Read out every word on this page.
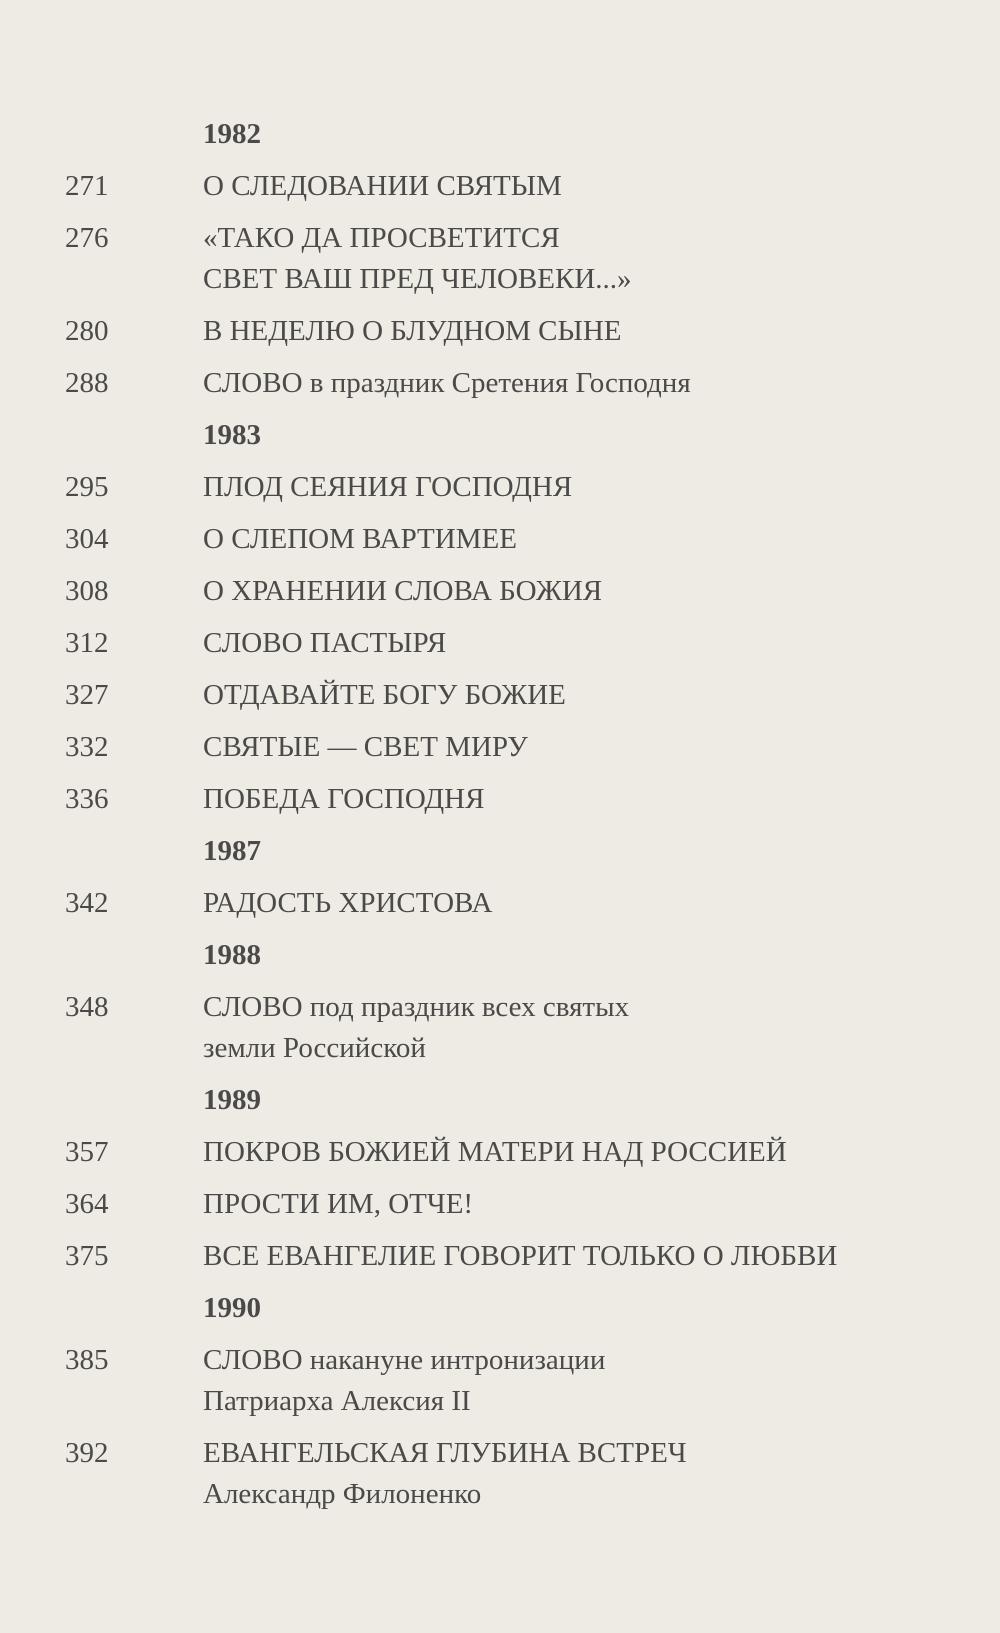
1982
271	О СЛЕДОВАНИИ СВЯТЫМ
276	«ТАКО ДА ПРОСВЕТИТСЯ
СВЕТ ВАШ ПРЕД ЧЕЛОВЕКИ...»
280	В НЕДЕЛЮ О БЛУДНОМ СЫНЕ
288	СЛОВО в праздник Сретения Господня
1983
295	ПЛОД СЕЯНИЯ ГОСПОДНЯ
304	О СЛЕПОМ ВАРТИМЕЕ
308	О ХРАНЕНИИ СЛОВА БОЖИЯ
312	СЛОВО ПАСТЫРЯ
327	ОТДАВАЙТЕ БОГУ БОЖИЕ
332	СВЯТЫЕ — СВЕТ МИРУ
336	ПОБЕДА ГОСПОДНЯ
1987
342	РАДОСТЬ ХРИСТОВА
1988
348	СЛОВО под праздник всех святых
земли Российской
1989
357	ПОКРОВ БОЖИЕЙ МАТЕРИ НАД РОССИЕЙ
364	ПРОСТИ ИМ, ОТЧЕ!
375	ВСЕ ЕВАНГЕЛИЕ ГОВОРИТ ТОЛЬКО О ЛЮБВИ
1990
385	СЛОВО накануне интронизации
Патриарха Алексия II
392	ЕВАНГЕЛЬСКАЯ ГЛУБИНА ВСТРЕЧ
Александр Филоненко
